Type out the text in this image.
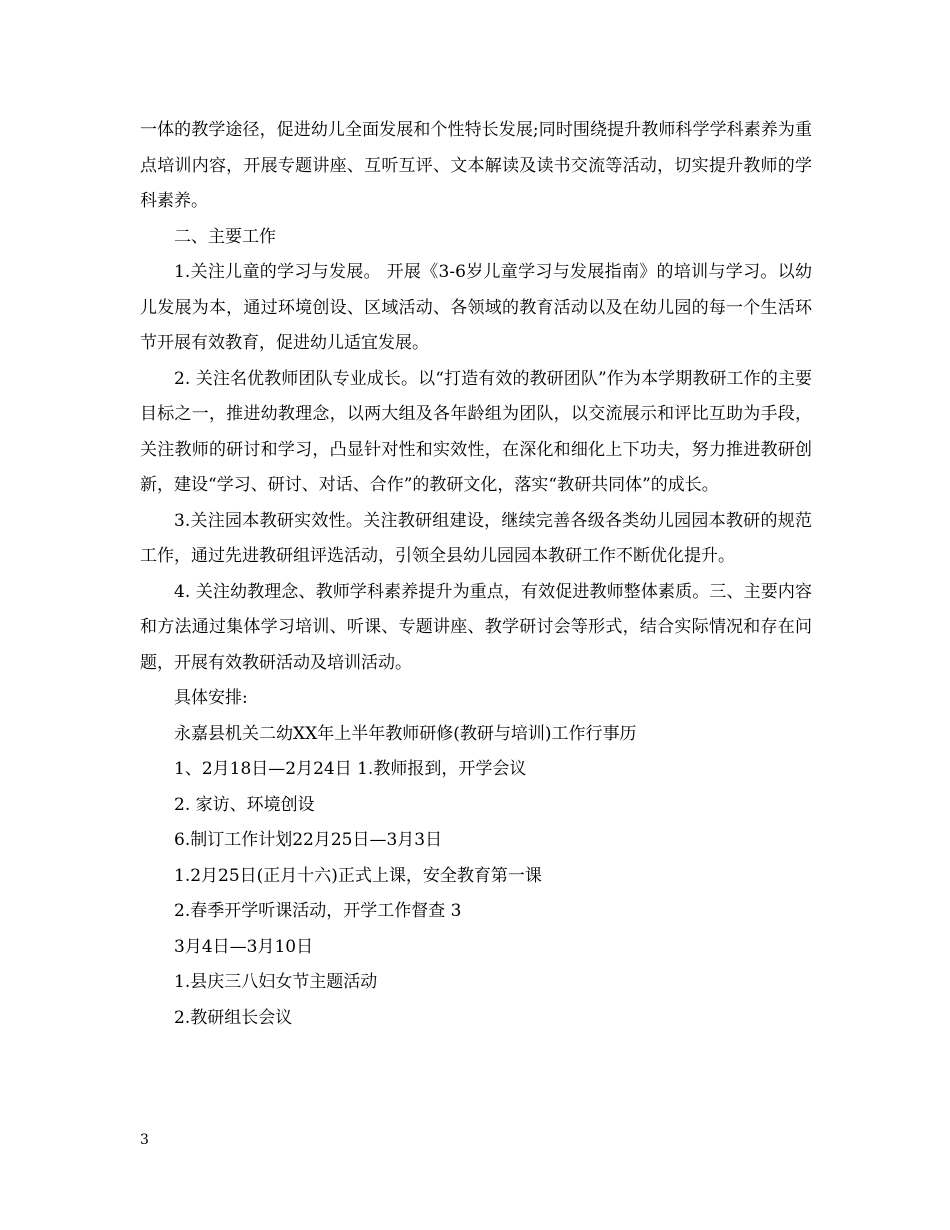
一体的教学途径，促进幼儿全面发展和个性特长发展;同时围绕提升教师科学学科素养为重点培训内容，开展专题讲座、互听互评、文本解读及读书交流等活动，切实提升教师的学科素养。

二、主要工作

1.关注儿童的学习与发展。 开展《3-6岁儿童学习与发展指南》的培训与学习。以幼儿发展为本，通过环境创设、区域活动、各领域的教育活动以及在幼儿园的每一个生活环节开展有效教育，促进幼儿适宜发展。

2. 关注名优教师团队专业成长。以“打造有效的教研团队”作为本学期教研工作的主要目标之一，推进幼教理念，以两大组及各年龄组为团队，以交流展示和评比互助为手段，关注教师的研讨和学习，凸显针对性和实效性，在深化和细化上下功夫，努力推进教研创新，建设“学习、研讨、对话、合作”的教研文化，落实“教研共同体”的成长。

3.关注园本教研实效性。关注教研组建设，继续完善各级各类幼儿园园本教研的规范工作，通过先进教研组评选活动，引领全县幼儿园园本教研工作不断优化提升。

4. 关注幼教理念、教师学科素养提升为重点，有效促进教师整体素质。三、主要内容和方法通过集体学习培训、听课、专题讲座、教学研讨会等形式，结合实际情况和存在问题，开展有效教研活动及培训活动。

具体安排:

永嘉县机关二幼XX年上半年教师研修(教研与培训)工作行事历

1、2月18日—2月24日 1.教师报到，开学会议

2. 家访、环境创设

6.制订工作计划22月25日—3月3日

1.2月25日(正月十六)正式上课，安全教育第一课

2.春季开学听课活动，开学工作督查 3

3月4日—3月10日

1.县庆三八妇女节主题活动

2.教研组长会议

3
